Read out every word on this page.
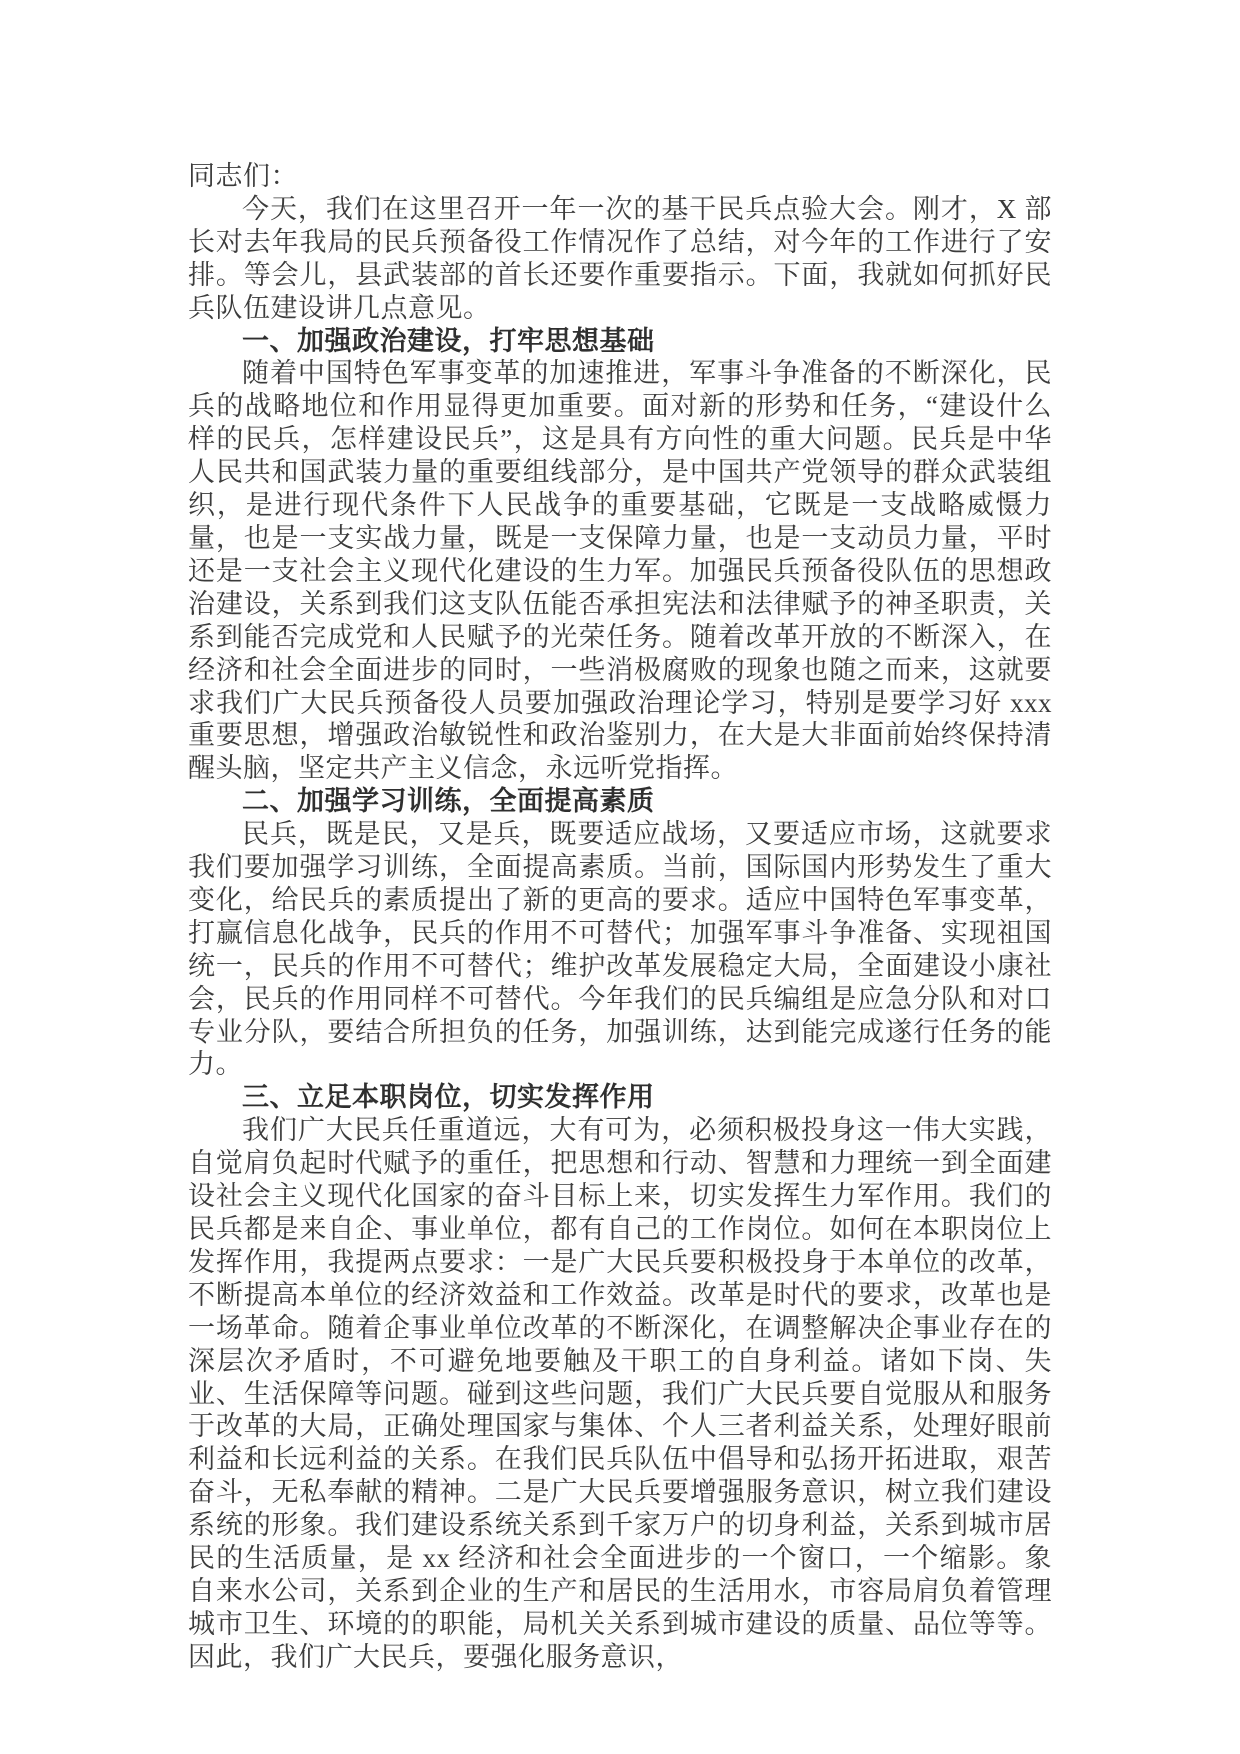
同志们：

今天，我们在这里召开一年一次的基干民兵点验大会。刚才，X 部长对去年我局的民兵预备役工作情况作了总结，对今年的工作进行了安排。等会儿，县武装部的首长还要作重要指示。下面，我就如何抓好民兵队伍建设讲几点意见。

一、加强政治建设，打牢思想基础

随着中国特色军事变革的加速推进，军事斗争准备的不断深化，民兵的战略地位和作用显得更加重要。面对新的形势和任务，“建设什么样的民兵，怎样建设民兵”，这是具有方向性的重大问题。民兵是中华人民共和国武装力量的重要组线部分，是中国共产党领导的群众武装组织，是进行现代条件下人民战争的重要基础，它既是一支战略威慑力量，也是一支实战力量，既是一支保障力量，也是一支动员力量，平时还是一支社会主义现代化建设的生力军。加强民兵预备役队伍的思想政治建设，关系到我们这支队伍能否承担宪法和法律赋予的神圣职责，关系到能否完成党和人民赋予的光荣任务。随着改革开放的不断深入，在经济和社会全面进步的同时，一些消极腐败的现象也随之而来，这就要求我们广大民兵预备役人员要加强政治理论学习，特别是要学习好 xxx 重要思想，增强政治敏锐性和政治鉴别力，在大是大非面前始终保持清醒头脑，坚定共产主义信念，永远听党指挥。

二、加强学习训练，全面提高素质

民兵，既是民，又是兵，既要适应战场，又要适应市场，这就要求我们要加强学习训练，全面提高素质。当前，国际国内形势发生了重大变化，给民兵的素质提出了新的更高的要求。适应中国特色军事变革，打赢信息化战争，民兵的作用不可替代；加强军事斗争准备、实现祖国统一，民兵的作用不可替代；维护改革发展稳定大局，全面建设小康社会，民兵的作用同样不可替代。今年我们的民兵编组是应急分队和对口专业分队，要结合所担负的任务，加强训练，达到能完成遂行任务的能力。

三、立足本职岗位，切实发挥作用

我们广大民兵任重道远，大有可为，必须积极投身这一伟大实践，自觉肩负起时代赋予的重任，把思想和行动、智慧和力理统一到全面建设社会主义现代化国家的奋斗目标上来，切实发挥生力军作用。我们的民兵都是来自企、事业单位，都有自己的工作岗位。如何在本职岗位上发挥作用，我提两点要求：一是广大民兵要积极投身于本单位的改革，不断提高本单位的经济效益和工作效益。改革是时代的要求，改革也是一场革命。随着企事业单位改革的不断深化，在调整解决企事业存在的深层次矛盾时，不可避免地要触及干职工的自身利益。诸如下岗、失业、生活保障等问题。碰到这些问题，我们广大民兵要自觉服从和服务于改革的大局，正确处理国家与集体、个人三者利益关系，处理好眼前利益和长远利益的关系。在我们民兵队伍中倡导和弘扬开拓进取，艰苦奋斗，无私奉献的精神。二是广大民兵要增强服务意识，树立我们建设系统的形象。我们建设系统关系到千家万户的切身利益，关系到城市居民的生活质量，是 xx 经济和社会全面进步的一个窗口，一个缩影。象自来水公司，关系到企业的生产和居民的生活用水，市容局肩负着管理城市卫生、环境的的职能，局机关关系到城市建设的质量、品位等等。因此，我们广大民兵，要强化服务意识，
